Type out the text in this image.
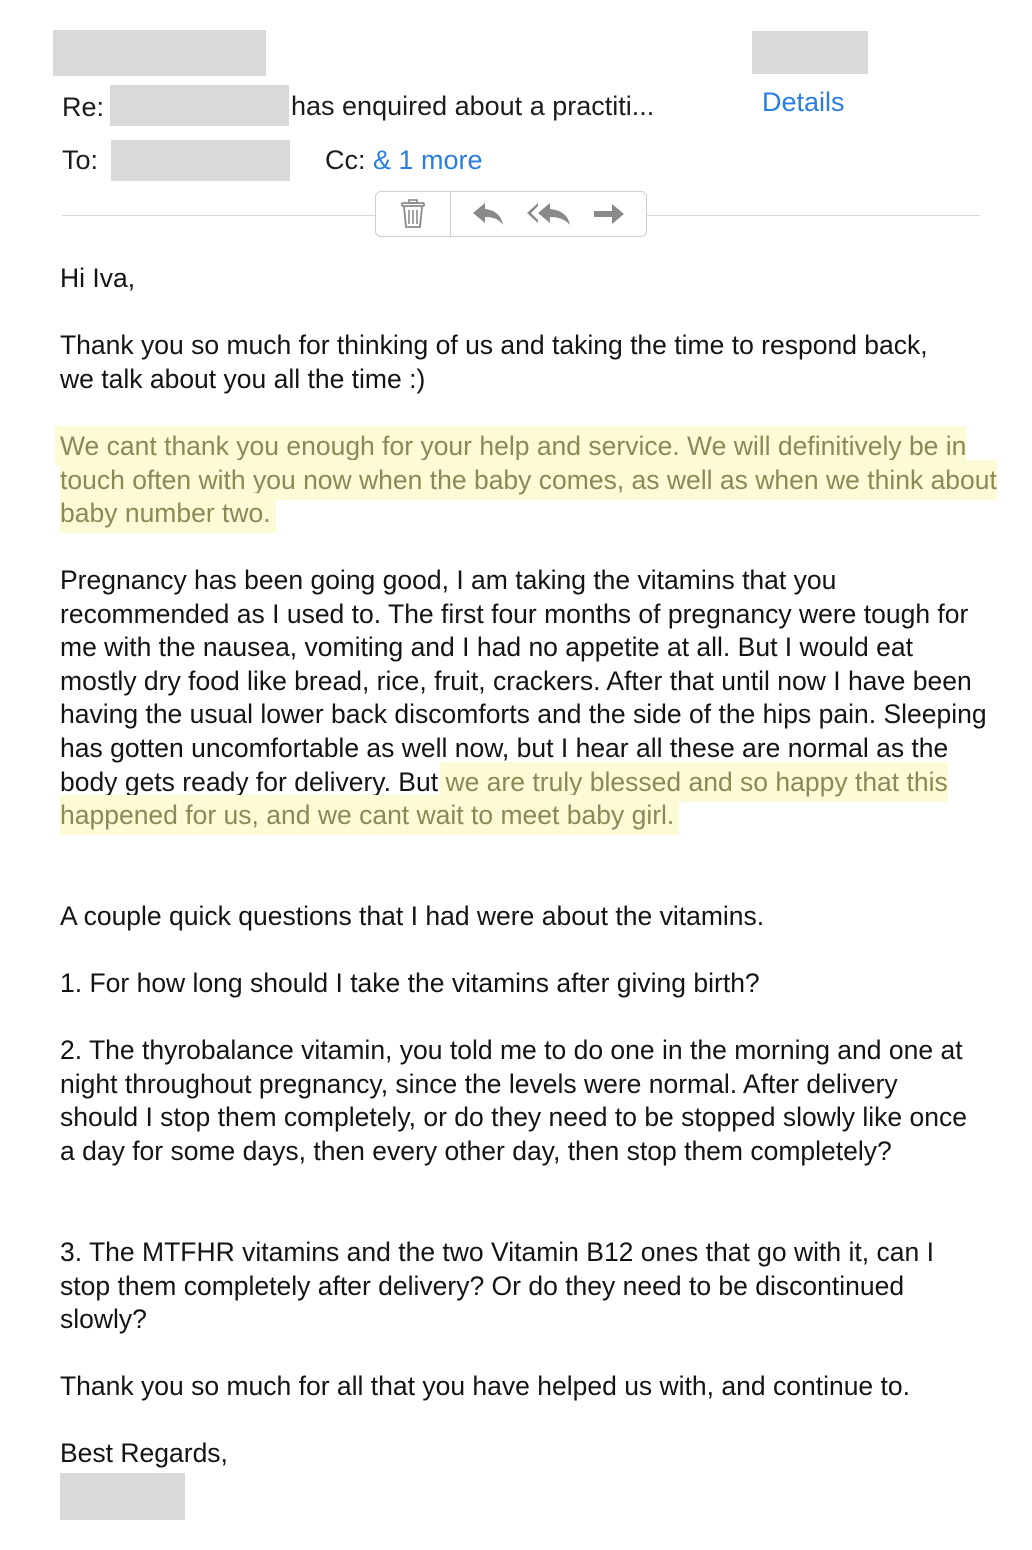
Re:	has enquired about a practiti...	Details
To:	Cc: & 1 more

Hi Iva,

Thank you so much for thinking of us and taking the time to respond back, we talk about you all the time :)

We cant thank you enough for your help and service. We will definitively be in touch often with you now when the baby comes, as well as when we think about baby number two.

Pregnancy has been going good, I am taking the vitamins that you recommended as I used to. The first four months of pregnancy were tough for me with the nausea, vomiting and I had no appetite at all. But I would eat mostly dry food like bread, rice, fruit, crackers. After that until now I have been having the usual lower back discomforts and the side of the hips pain. Sleeping has gotten uncomfortable as well now, but I hear all these are normal as the body gets ready for delivery. But we are truly blessed and so happy that this happened for us, and we cant wait to meet baby girl.

A couple quick questions that I had were about the vitamins.

1. For how long should I take the vitamins after giving birth?

2. The thyrobalance vitamin, you told me to do one in the morning and one at night throughout pregnancy, since the levels were normal. After delivery should I stop them completely, or do they need to be stopped slowly like once a day for some days, then every other day, then stop them completely?

3. The MTFHR vitamins and the two Vitamin B12 ones that go with it, can I stop them completely after delivery? Or do they need to be discontinued slowly?

Thank you so much for all that you have helped us with, and continue to.

Best Regards,
